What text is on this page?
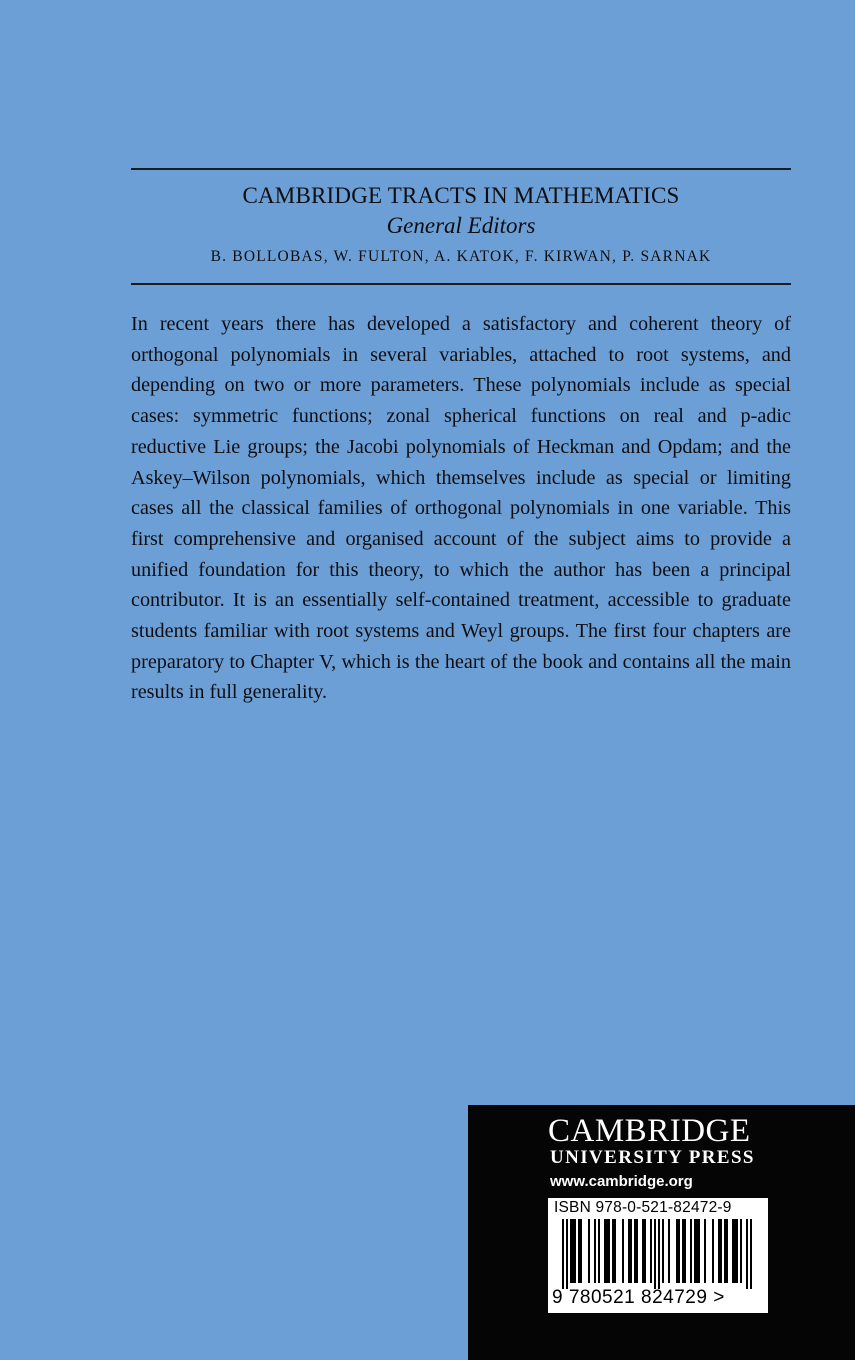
CAMBRIDGE TRACTS IN MATHEMATICS
General Editors
B. BOLLOBAS, W. FULTON, A. KATOK, F. KIRWAN, P. SARNAK

In recent years there has developed a satisfactory and coherent theory of orthogonal polynomials in several variables, attached to root systems, and depending on two or more parameters. These polynomials include as special cases: symmetric functions; zonal spherical functions on real and p-adic reductive Lie groups; the Jacobi polynomials of Heckman and Opdam; and the Askey–Wilson polynomials, which themselves include as special or limiting cases all the classical families of orthogonal polynomials in one variable. This first comprehensive and organised account of the subject aims to provide a unified foundation for this theory, to which the author has been a principal contributor. It is an essentially self-contained treatment, accessible to graduate students familiar with root systems and Weyl groups. The first four chapters are preparatory to Chapter V, which is the heart of the book and contains all the main results in full generality.

CAMBRIDGE
UNIVERSITY PRESS
www.cambridge.org
ISBN 978-0-521-82472-9
9 780521 824729 >
